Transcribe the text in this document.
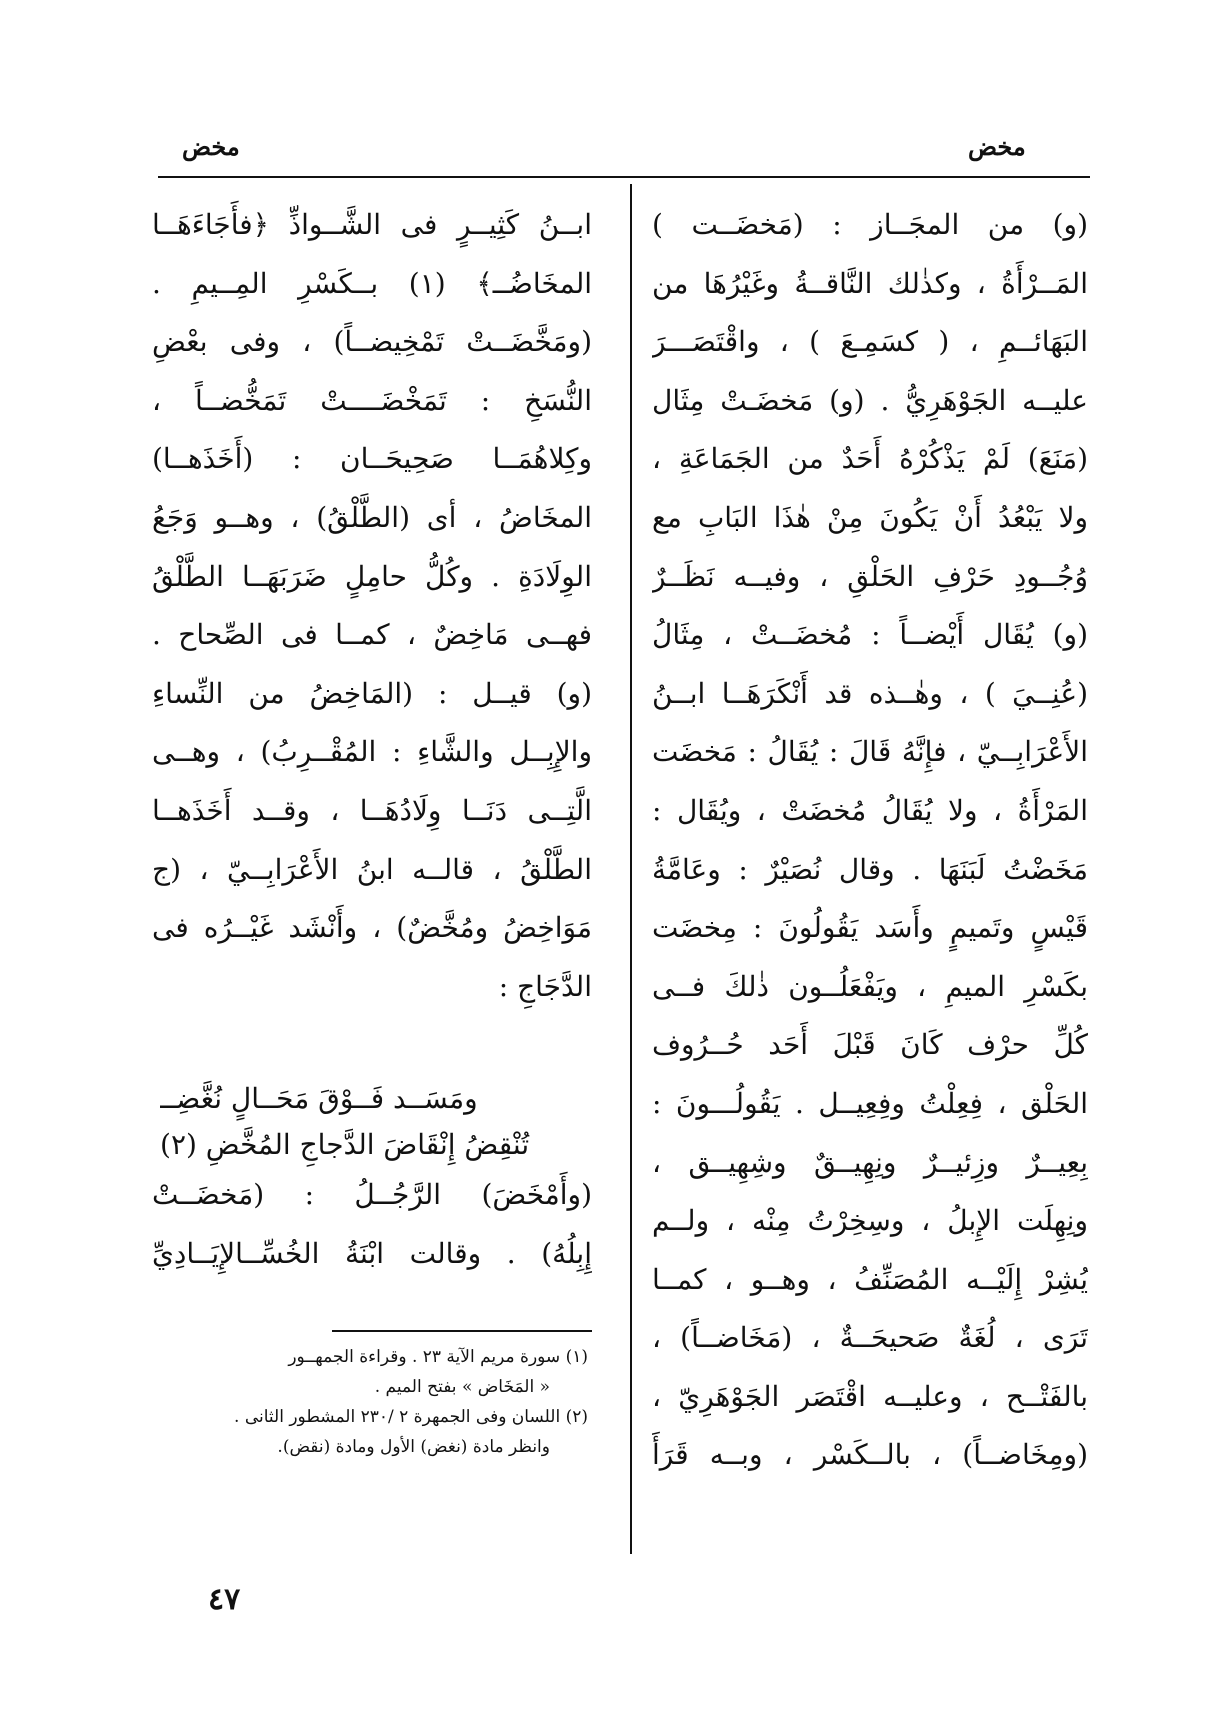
مخض
مخض
(و) من المجَــاز : (مَخضَــت )
المَــرْأَةُ ، وكذٰلك النَّاقــةُ وغَيْرُهَا من
البَهَائــمِ ، ( كسَمِـعَ ) ، واقْتَصَـــرَ
عليــه الجَوْهَرِيُّ . (و) مَخضَـتْ مِثَال
(مَنَعَ) لَمْ يَذْكُرْهُ أَحَدٌ من الجَمَاعَةِ ،
ولا يَبْعُدُ أَنْ يَكُونَ مِنْ هٰذَا البَابِ مع
وُجُــودِ حَرْفِ الحَلْقِ ، وفيــه نَظَــرٌ
(و) يُقَال أَيْضــاً : مُخضَــتْ ، مِثَالُ
(عُنِــيَ ) ، وهٰــذه قد أَنْكَرَهَــا ابــنُ
الأَعْرَابِــيّ ، فإِنَّهُ قَالَ : يُقَالُ : مَخضَت
المَرْأَةُ ، ولا يُقَالُ مُخضَتْ ، ويُقَال :
مَخَضْتُ لَبَنَهَا . وقال نُصَيْرٌ : وعَامَّةُ
قَيْسٍ وتَميمٍ وأَسَد يَقُولُونَ : مِخضَت
بكَسْرِ الميمِ ، ويَفْعَلُــون ذٰلكَ فــى
كُلِّ حرْف كَانَ قَبْلَ أَحَد حُــرُوف
الحَلْق ، فِعِلْتُ وفِعِيــل . يَقُولُـــونَ :
بِعِيــرٌ وزِئيــرٌ ونِهِيــقٌ وشِهِيــق ،
ونِهِلَت الإِبلُ ، وسِخِرْتُ مِنْه ، ولــم
يُشِرْ إِلَيْــه المُصَنِّفُ ، وهــو ، كمــا
تَرَى ، لُغَةٌ صَحيحَــةٌ ، (مَخَاضــاً) ،
بالفَتْــح ، وعليــه اقْتَصَر الجَوْهَرِيّ ،
(ومِخَاضــاً) ، بالــكَسْر ، وبــه قَرَأَ
ابــنُ كَثِيــرٍ فى الشَّــواذِّ ﴿فأَجَاءَهَــا
المخَاضُــ﴾ (١) بــكَسْرِ المِــيمِ .
(ومَخَّضَــتْ تَمْخِيضــاً) ، وفى بعْضِ
النُّسَخِ : تَمَخْضَــــتْ تَمَخُّضــاً ،
وكِلاهُمَــا صَحِيحَــان : (أَخَذَهــا)
المخَاضُ ، أى (الطَّلْقُ) ، وهــو وَجَعُ
الوِلَادَةِ . وكُلُّ حامِلٍ ضَرَبَهَــا الطَّلْقُ
فهــى مَاخِضٌ ، كمــا فى الصِّحاح .
(و) قيــل : (المَاخِضُ من النِّساءِ
والإِبِــل والشَّاءِ : المُقْــرِبُ) ، وهــى
الَّتِــى دَنَــا وِلَادُهَــا ، وقــد أَخَذَهــا
الطَّلْقُ ، قالــه ابنُ الأَعْرَابِــيّ ، (ج
مَوَاخِضُ ومُخَّضٌ) ، وأَنْشَد غَيْــرُه فى
الدَّجَاجِ :
ومَسَــد فَــوْقَ مَحَــالٍ نُغَّضِــ
تُنْقِضُ إِنْقَاضَ الدَّجاجِ المُخَّضِ (٢)
(وأَمْخَضَ) الرَّجُــلُ : (مَخضَــتْ
إِبِلُهُ) . وقالت ابْنَةُ الخُسِّــالإِيَــادِيِّ
(١) سورة مريم الآية ٢٣ . وقراءة الجمهــور
« المَخَاض » بفتح الميم .
(٢) اللسان وفى الجمهرة ٢ /٢٣٠ المشطور الثانى .
وانظر مادة (نغض) الأول ومادة (نقض).
٤٧
